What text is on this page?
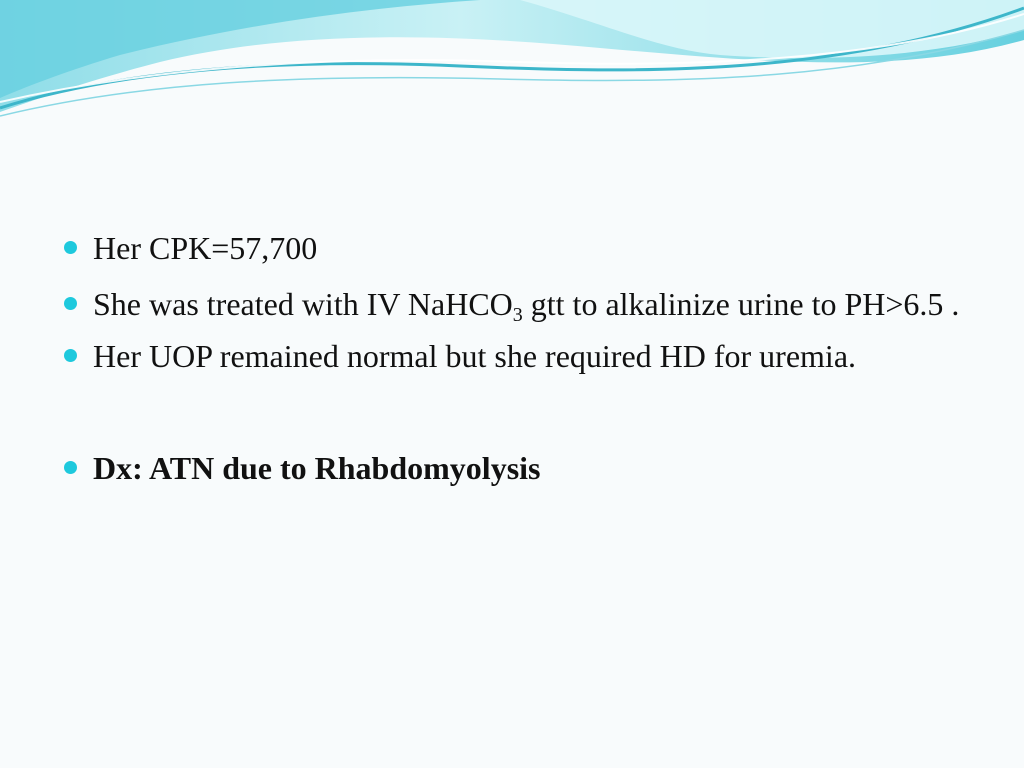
Her CPK=57,700
She was treated with IV NaHCO$_3$ gtt to alkalinize urine to PH>6.5 .
Her UOP remained normal but she required HD for uremia.
Dx: ATN due to Rhabdomyolysis
